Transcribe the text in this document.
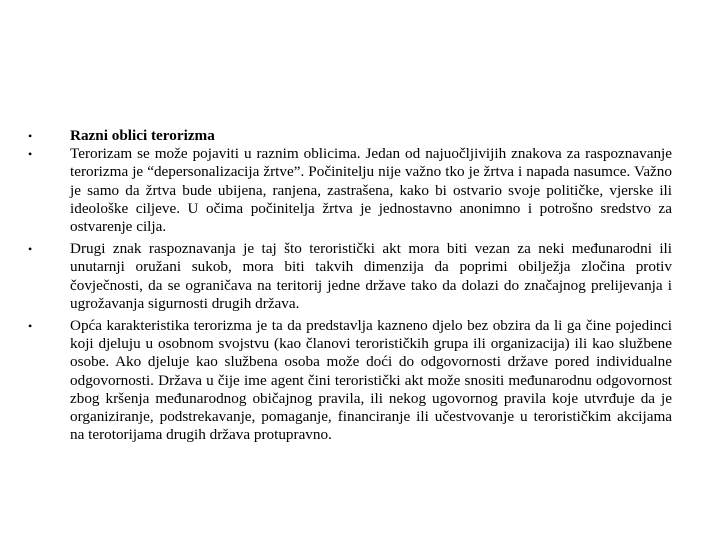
•	Razni oblici terorizma
•	Terorizam se može pojaviti u raznim oblicima. Jedan od najuočljivijih znakova za raspoznavanje terorizma je “depersonalizacija žrtve”. Počinitelju nije važno tko je žrtva i napada nasumce. Važno je samo da žrtva bude ubijena, ranjena, zastrašena, kako bi ostvario svoje političke, vjerske ili ideološke ciljeve. U očima počinitelja žrtva je jednostavno anonimno i potrošno sredstvo za ostvarenje cilja.
•	Drugi znak raspoznavanja je taj što teroristički akt mora biti vezan za neki međunarodni ili unutarnji oružani sukob, mora biti takvih dimenzija da poprimi obilježja zločina protiv čovječnosti, da se ograničava na teritorij jedne države tako da dolazi do značajnog prelijevanja i ugrožavanja sigurnosti drugih država.
•	Opća karakteristika terorizma je ta da predstavlja kazneno djelo bez obzira da li ga čine pojedinci koji djeluju u osobnom svojstvu (kao članovi terorističkih grupa ili organizacija) ili kao službene osobe. Ako djeluje kao službena osoba može doći do odgovornosti države pored individualne odgovornosti. Država u čije ime agent čini teroristički akt može snositi međunarodnu odgovornost zbog kršenja međunarodnog običajnog pravila, ili nekog ugovornog pravila koje utvrđuje da je organiziranje, podstrekavanje, pomaganje, financiranje ili učestvovanje u terorističkim akcijama na terotorijama drugih država protupravno.
